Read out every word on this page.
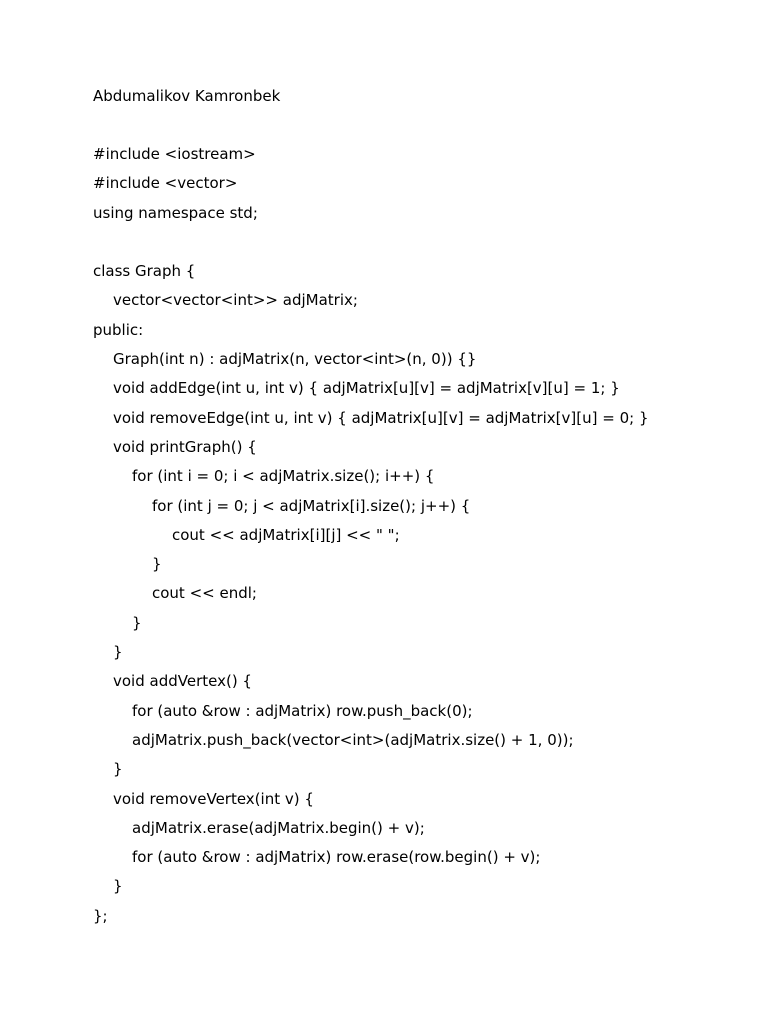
Abdumalikov Kamronbek
#include <iostream>
#include <vector>
using namespace std;
class Graph {
vector<vector<int>> adjMatrix;
public:
Graph(int n) : adjMatrix(n, vector<int>(n, 0)) {}
void addEdge(int u, int v) { adjMatrix[u][v] = adjMatrix[v][u] = 1; }
void removeEdge(int u, int v) { adjMatrix[u][v] = adjMatrix[v][u] = 0; }
void printGraph() {
for (int i = 0; i < adjMatrix.size(); i++) {
for (int j = 0; j < adjMatrix[i].size(); j++) {
cout << adjMatrix[i][j] << " ";
}
cout << endl;
}
}
void addVertex() {
for (auto &row : adjMatrix) row.push_back(0);
adjMatrix.push_back(vector<int>(adjMatrix.size() + 1, 0));
}
void removeVertex(int v) {
adjMatrix.erase(adjMatrix.begin() + v);
for (auto &row : adjMatrix) row.erase(row.begin() + v);
}
};
